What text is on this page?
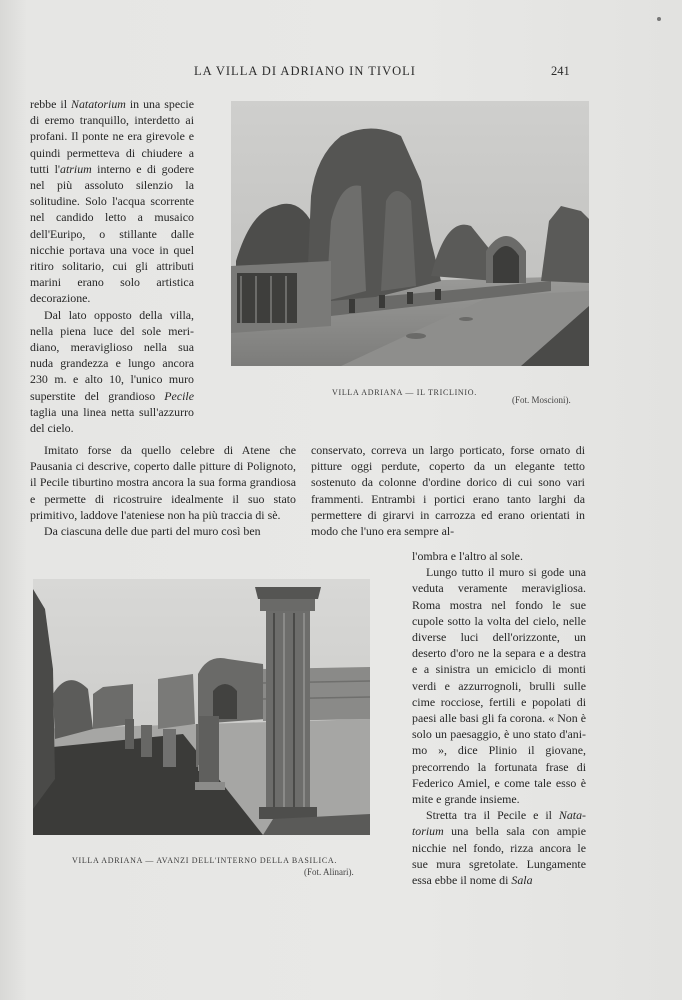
LA VILLA DI ADRIANO IN TIVOLI	241

rebbe il Natatorium in una specie di eremo tranquillo, interdetto ai profani. Il ponte ne era girevole e quindi permetteva di chiudere a tutti l'atrium interno e di godere nel più assoluto silenzio la solitudine. Solo l'acqua scorrente nel candido letto a musaico dell'Euripo, o stillante dalle nicchie portava una voce in quel ritiro solitario, cui gli attributi marini erano solo artistica decorazione.

Dal lato opposto della villa, nella piena luce del sole meridiano, meraviglioso nella sua nuda grandezza e lungo ancora 230 m. e alto 10, l'unico muro superstite del grandioso Pecile taglia una linea netta sull'azzurro del cielo.

VILLA ADRIANA — IL TRICLINIO.
(Fot. Moscioni).

Imitato forse da quello celebre di Atene che Pausania ci descrive, coperto dalle pitture di Polignoto, il Pecile tiburtino mostra ancora la sua forma grandiosa e permette di ricostruire idealmente il suo stato primitivo, laddove l'ateniese non ha più traccia di sè.

Da ciascuna delle due parti del muro così ben

conservato, correva un largo porticato, forse ornato di pitture oggi perdute, coperto da un elegante tetto sostenuto da colonne d'ordine dorico di cui sono vari frammenti. Entrambi i portici erano tanto larghi da permettere di girarvi in carrozza ed erano orientati in modo che l'uno era sempre al-

l'ombra e l'altro al sole.

Lungo tutto il muro si gode una veduta veramente meravigliosa. Roma mostra nel fondo le sue cupole sotto la volta del cielo, nelle diverse luci dell'orizzonte, un deserto d'oro ne la separa e a destra e a sinistra un emiciclo di monti verdi e azzurrognoli, brulli sulle cime rocciose, fertili e popolati di paesi alle basi gli fa corona. « Non è solo un paesaggio, è uno stato d'animo », dice Plinio il giovane, precorrendo la fortunata frase di Federico Amiel, e come tale esso è mite e grande insieme.

Stretta tra il Pecile e il Natatorium una bella sala con ampie nicchie nel fondo, rizza ancora le sue mura sgretolate. Lungamente essa ebbe il nome di Sala

VILLA ADRIANA — AVANZI DELL'INTERNO DELLA BASILICA.
(Fot. Alinari).
